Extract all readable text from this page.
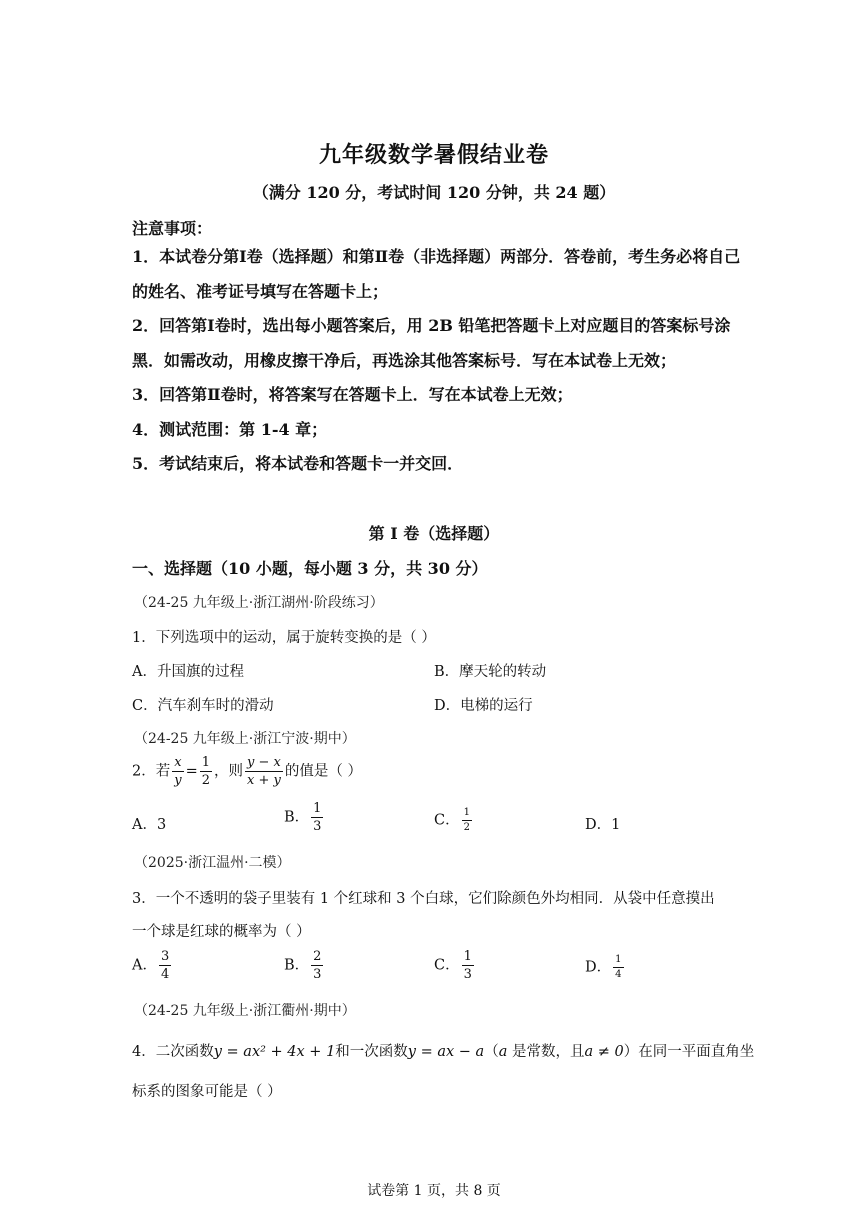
九年级数学暑假结业卷
（满分 120 分，考试时间 120 分钟，共 24 题）
注意事项：

1．本试卷分第Ⅰ卷（选择题）和第Ⅱ卷（非选择题）两部分．答卷前，考生务必将自己的姓名、准考证号填写在答题卡上；

2．回答第Ⅰ卷时，选出每小题答案后，用 2B 铅笔把答题卡上对应题目的答案标号涂黑．如需改动，用橡皮擦干净后，再选涂其他答案标号．写在本试卷上无效；

3．回答第Ⅱ卷时，将答案写在答题卡上．写在本试卷上无效；

4．测试范围：第 1-4 章；

5．考试结束后，将本试卷和答题卡一并交回．

第 I 卷（选择题）
一、选择题（10 小题，每小题 3 分，共 30 分）
（24-25 九年级上·浙江湖州·阶段练习）
1．下列选项中的运动，属于旋转变换的是（ ）
A．升国旗的过程	B．摩天轮的转动
C．汽车刹车时的滑动	D．电梯的运行
（24-25 九年级上·浙江宁波·期中）
2．若 $\frac{x}{y} = \frac{1}{2}$ ，则 $\frac{y - x}{x + y}$ 的值是（ ）
A．3	B． $\frac{1}{3}$	C． $\frac{1}{2}$	D．1
（2025·浙江温州·二模）
3．一个不透明的袋子里装有 1 个红球和 3 个白球，它们除颜色外均相同．从袋中任意摸出
一个球是红球的概率为（ ）
A． $\frac{3}{4}$	B． $\frac{2}{3}$	C． $\frac{1}{3}$	D． $\frac{1}{4}$
（24-25 九年级上·浙江衢州·期中）
4．二次函数y = ax² + 4x + 1和一次函数y = ax − a（a 是常数，且a ≠ 0）在同一平面直角坐
标系的图象可能是（ ）
试卷第 1 页，共 8 页
